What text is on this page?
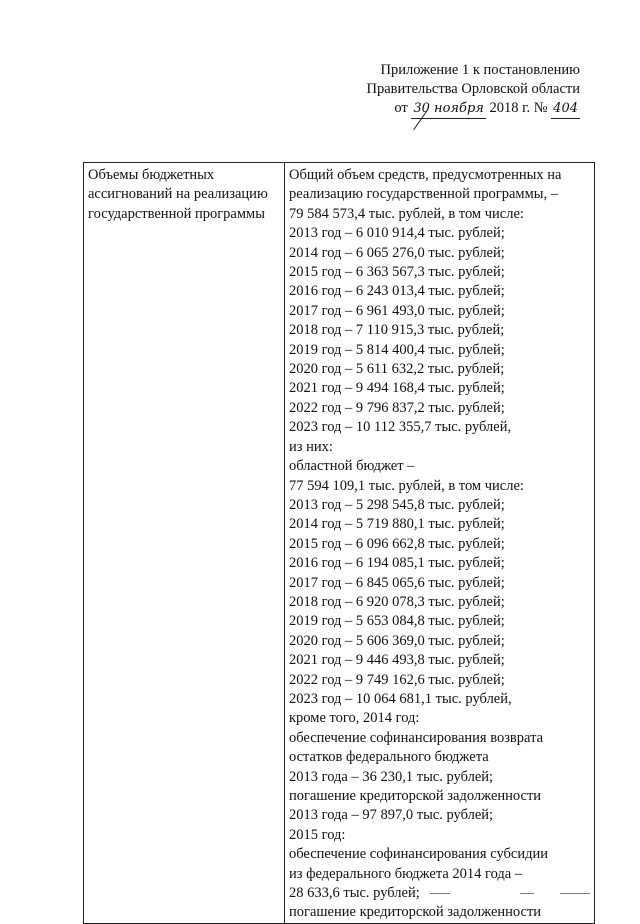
Приложение 1 к постановлению
Правительства Орловской области
от 30 ноября 2018 г. № 404
Объемы бюджетных
ассигнований на реализацию
государственной программы

Общий объем средств, предусмотренных на
реализацию государственной программы, –
79 584 573,4 тыс. рублей, в том числе:
2013 год – 6 010 914,4 тыс. рублей;
2014 год – 6 065 276,0 тыс. рублей;
2015 год – 6 363 567,3 тыс. рублей;
2016 год – 6 243 013,4 тыс. рублей;
2017 год – 6 961 493,0 тыс. рублей;
2018 год – 7 110 915,3 тыс. рублей;
2019 год – 5 814 400,4 тыс. рублей;
2020 год – 5 611 632,2 тыс. рублей;
2021 год – 9 494 168,4 тыс. рублей;
2022 год – 9 796 837,2 тыс. рублей;
2023 год – 10 112 355,7 тыс. рублей,
из них:
областной бюджет –
77 594 109,1 тыс. рублей, в том числе:
2013 год – 5 298 545,8 тыс. рублей;
2014 год – 5 719 880,1 тыс. рублей;
2015 год – 6 096 662,8 тыс. рублей;
2016 год – 6 194 085,1 тыс. рублей;
2017 год – 6 845 065,6 тыс. рублей;
2018 год – 6 920 078,3 тыс. рублей;
2019 год – 5 653 084,8 тыс. рублей;
2020 год – 5 606 369,0 тыс. рублей;
2021 год – 9 446 493,8 тыс. рублей;
2022 год – 9 749 162,6 тыс. рублей;
2023 год – 10 064 681,1 тыс. рублей,
кроме того, 2014 год:
обеспечение софинансирования возврата
остатков федерального бюджета
2013 года – 36 230,1 тыс. рублей;
погашение кредиторской задолженности
2013 года – 97 897,0 тыс. рублей;
2015 год:
обеспечение софинансирования субсидии
из федерального бюджета 2014 года –
28 633,6 тыс. рублей;
погашение кредиторской задолженности
